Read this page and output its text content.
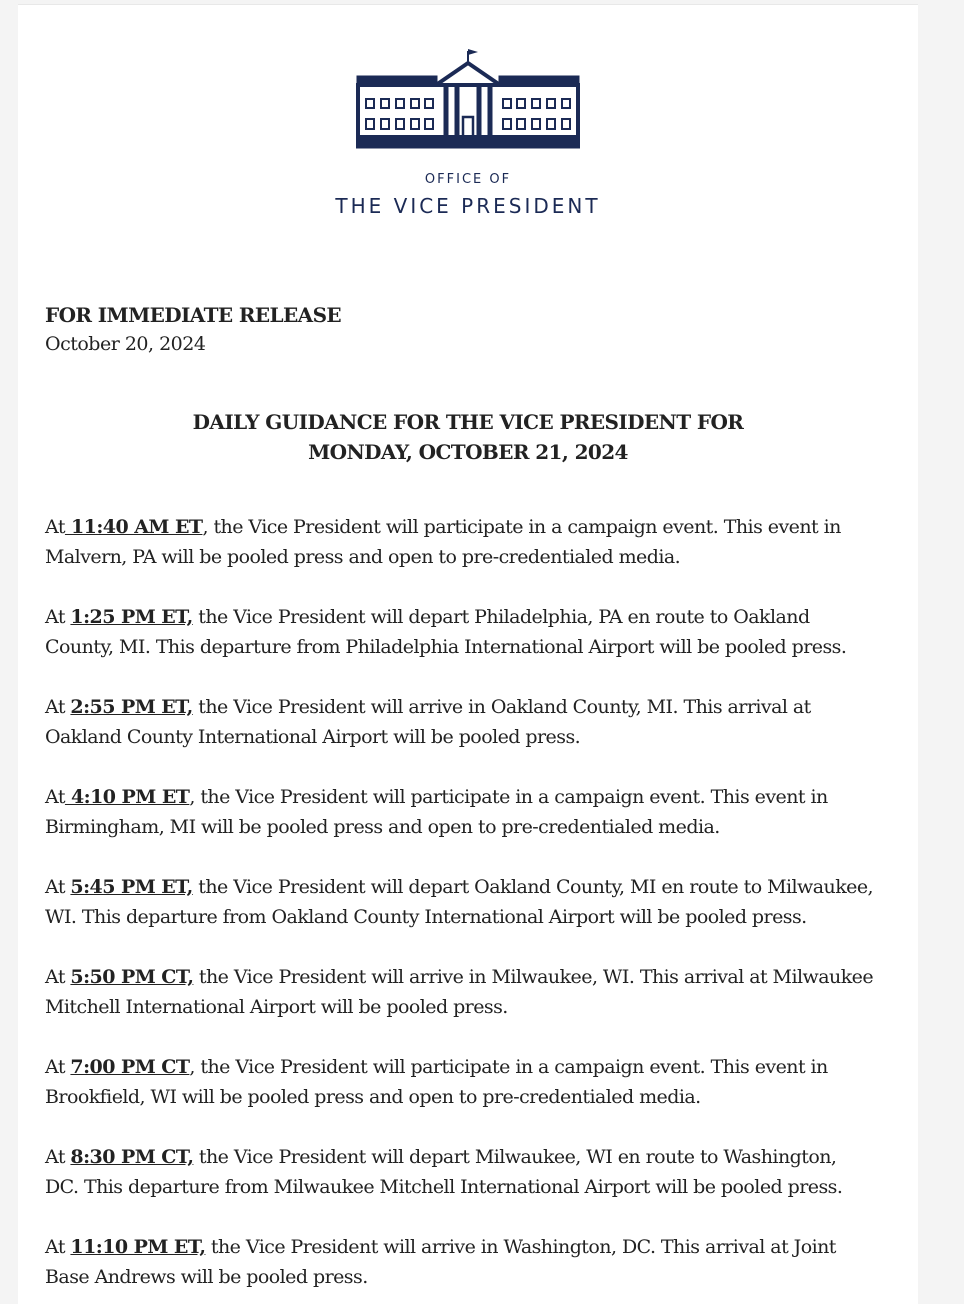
OFFICE OF
THE VICE PRESIDENT
FOR IMMEDIATE RELEASE
October 20, 2024
DAILY GUIDANCE FOR THE VICE PRESIDENT FOR
MONDAY, OCTOBER 21, 2024
At 11:40 AM ET, the Vice President will participate in a campaign event. This event in
Malvern, PA will be pooled press and open to pre-credentialed media.
At 1:25 PM ET, the Vice President will depart Philadelphia, PA en route to Oakland
County, MI. This departure from Philadelphia International Airport will be pooled press.
At 2:55 PM ET, the Vice President will arrive in Oakland County, MI. This arrival at
Oakland County International Airport will be pooled press.
At 4:10 PM ET, the Vice President will participate in a campaign event. This event in
Birmingham, MI will be pooled press and open to pre-credentialed media.
At 5:45 PM ET, the Vice President will depart Oakland County, MI en route to Milwaukee,
WI. This departure from Oakland County International Airport will be pooled press.
At 5:50 PM CT, the Vice President will arrive in Milwaukee, WI. This arrival at Milwaukee
Mitchell International Airport will be pooled press.
At 7:00 PM CT, the Vice President will participate in a campaign event. This event in
Brookfield, WI will be pooled press and open to pre-credentialed media.
At 8:30 PM CT, the Vice President will depart Milwaukee, WI en route to Washington,
DC. This departure from Milwaukee Mitchell International Airport will be pooled press.
At 11:10 PM ET, the Vice President will arrive in Washington, DC. This arrival at Joint
Base Andrews will be pooled press.
